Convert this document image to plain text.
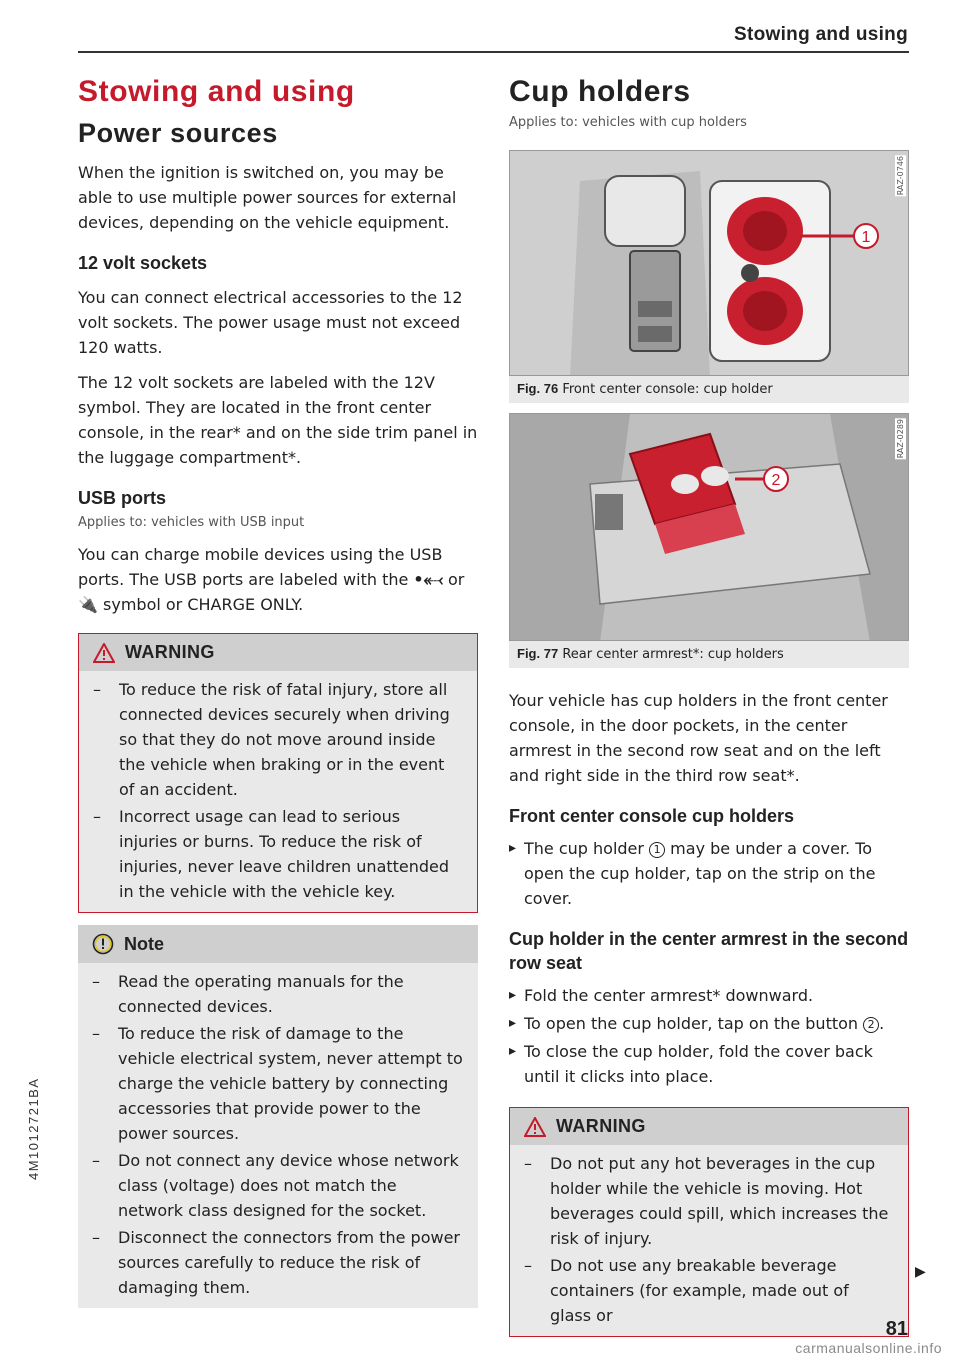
Stowing and using
Stowing and using
Power sources
When the ignition is switched on, you may be able to use multiple power sources for external devices, depending on the vehicle equipment.
12 volt sockets
You can connect electrical accessories to the 12 volt sockets. The power usage must not exceed 120 watts.
The 12 volt sockets are labeled with the 12V symbol. They are located in the front center console, in the rear* and on the side trim panel in the luggage compartment*.
USB ports
Applies to: vehicles with USB input
You can charge mobile devices using the USB ports. The USB ports are labeled with the •⬷ or 🔌 symbol or CHARGE ONLY.
WARNING
– To reduce the risk of fatal injury, store all connected devices securely when driving so that they do not move around inside the vehicle when braking or in the event of an accident.
– Incorrect usage can lead to serious injuries or burns. To reduce the risk of injuries, never leave children unattended in the vehicle with the vehicle key.
Note
– Read the operating manuals for the connected devices.
– To reduce the risk of damage to the vehicle electrical system, never attempt to charge the vehicle battery by connecting accessories that provide power to the power sources.
– Do not connect any device whose network class (voltage) does not match the network class designed for the socket.
– Disconnect the connectors from the power sources carefully to reduce the risk of damaging them.
Cup holders
Applies to: vehicles with cup holders
1
RAZ-0746
Fig. 76 Front center console: cup holder
2
RAZ-0289
Fig. 77 Rear center armrest*: cup holders
Your vehicle has cup holders in the front center console, in the door pockets, in the center armrest in the second row seat and on the left and right side in the third row seat*.
Front center console cup holders
▸ The cup holder 1 may be under a cover. To open the cup holder, tap on the strip on the cover.
Cup holder in the center armrest in the second row seat
▸ Fold the center armrest* downward.
▸ To open the cup holder, tap on the button 2 .
▸ To close the cup holder, fold the cover back until it clicks into place.
WARNING
– Do not put any hot beverages in the cup holder while the vehicle is moving. Hot beverages could spill, which increases the risk of injury.
– Do not use any breakable beverage containers (for example, made out of glass or
▶
4M1012721BA
81
carmanualsonline.info
